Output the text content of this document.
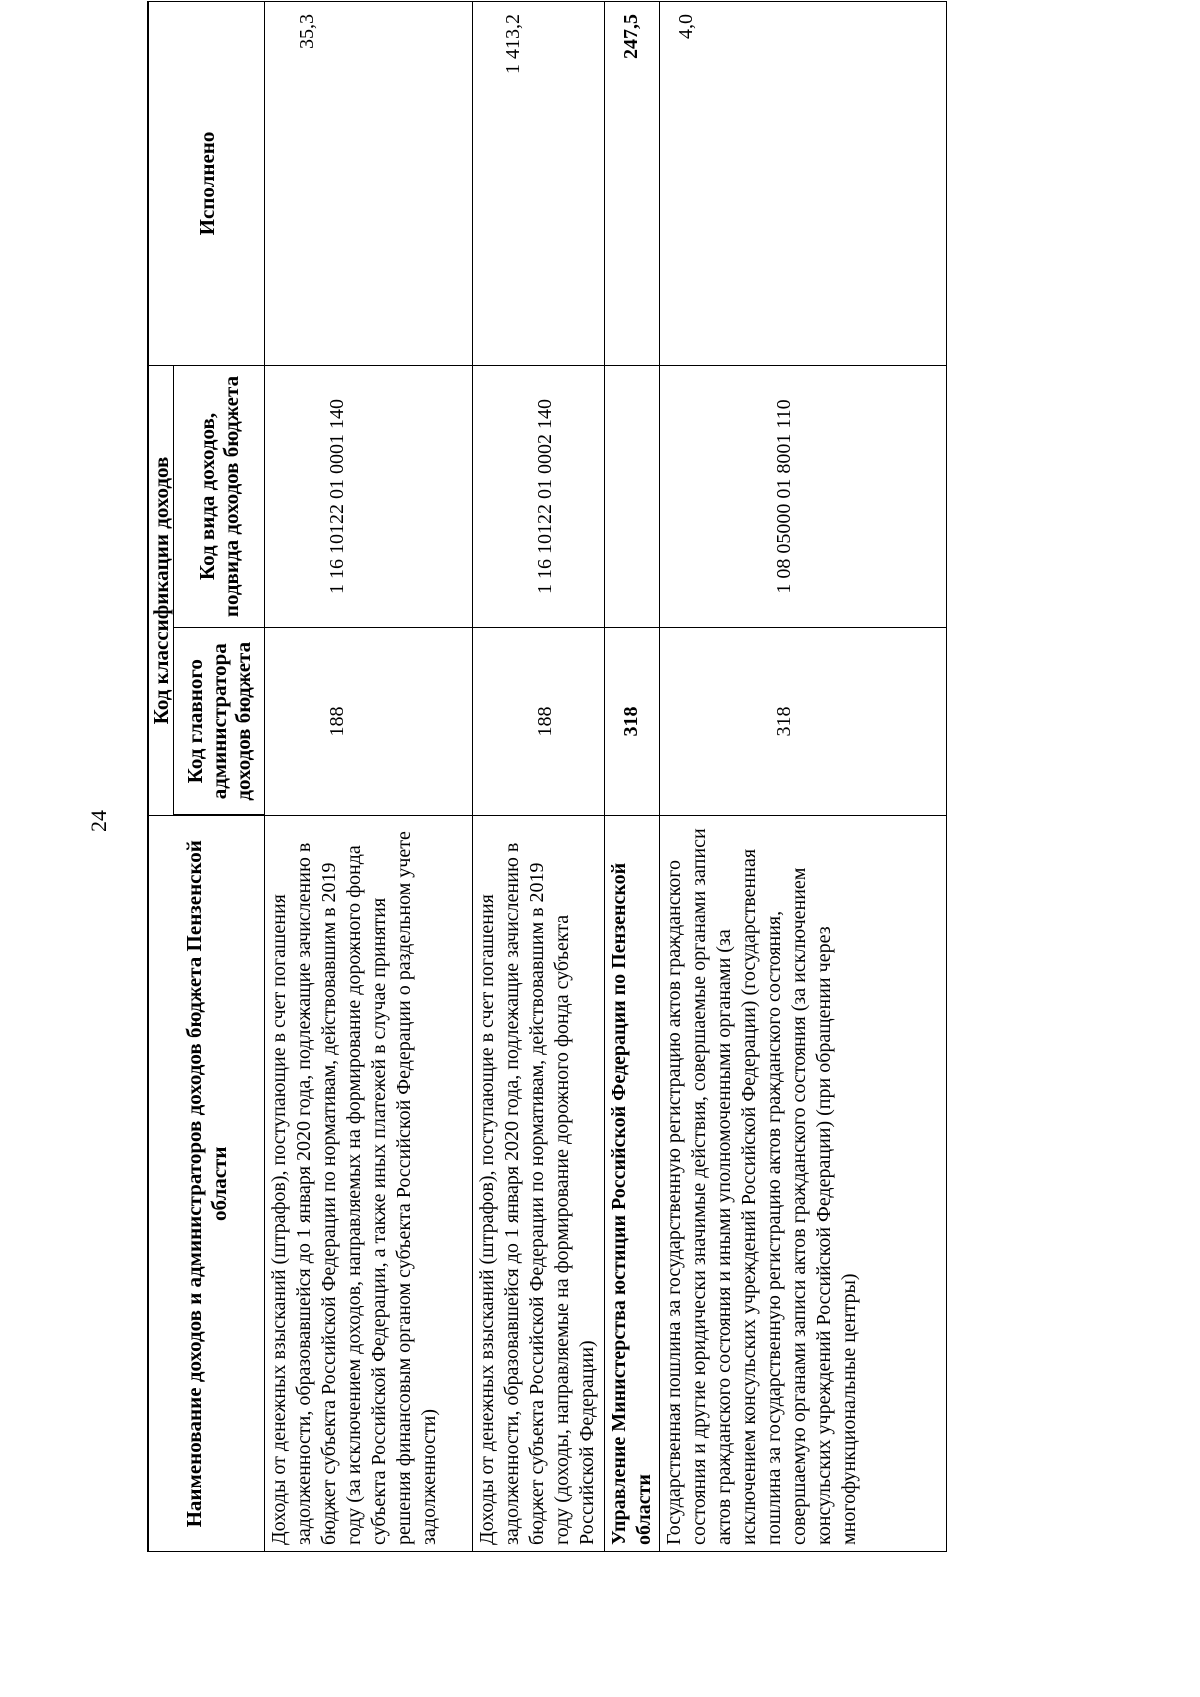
24
Наименование доходов и администраторов доходов бюджета Пензенской области	Код классификации доходов		Исполнено
	Код главного администратора доходов бюджета	Код вида доходов, подвида доходов бюджета	
Доходы от денежных взысканий (штрафов), поступающие в счет погашения задолженности, образовавшейся до 1 января 2020 года, подлежащие зачислению в бюджет субъекта Российской Федерации по нормативам, действовавшим в 2019 году (за исключением доходов, направляемых на формирование дорожного фонда субъекта Российской Федерации, а также иных платежей в случае принятия решения финансовым органом субъекта Российской Федерации о раздельном учете задолженности)	188	1 16 10122 01 0001 140	35,3
Доходы от денежных взысканий (штрафов), поступающие в счет погашения задолженности, образовавшейся до 1 января 2020 года, подлежащие зачислению в бюджет субъекта Российской Федерации по нормативам, действовавшим в 2019 году (доходы, направляемые на формирование дорожного фонда субъекта Российской Федерации)	188	1 16 10122 01 0002 140	1 413,2
Управление Министерства юстиции Российской Федерации по Пензенской области	318		247,5
Государственная пошлина за государственную регистрацию актов гражданского состояния и другие юридически значимые действия, совершаемые органами записи актов гражданского состояния и иными уполномоченными органами (за исключением консульских учреждений Российской Федерации) (государственная пошлина за государственную регистрацию актов гражданского состояния, совершаемую органами записи актов гражданского состояния (за исключением консульских учреждений Российской Федерации) (при обращении через многофункциональные центры)	318	1 08 05000 01 8001 110	4,0
